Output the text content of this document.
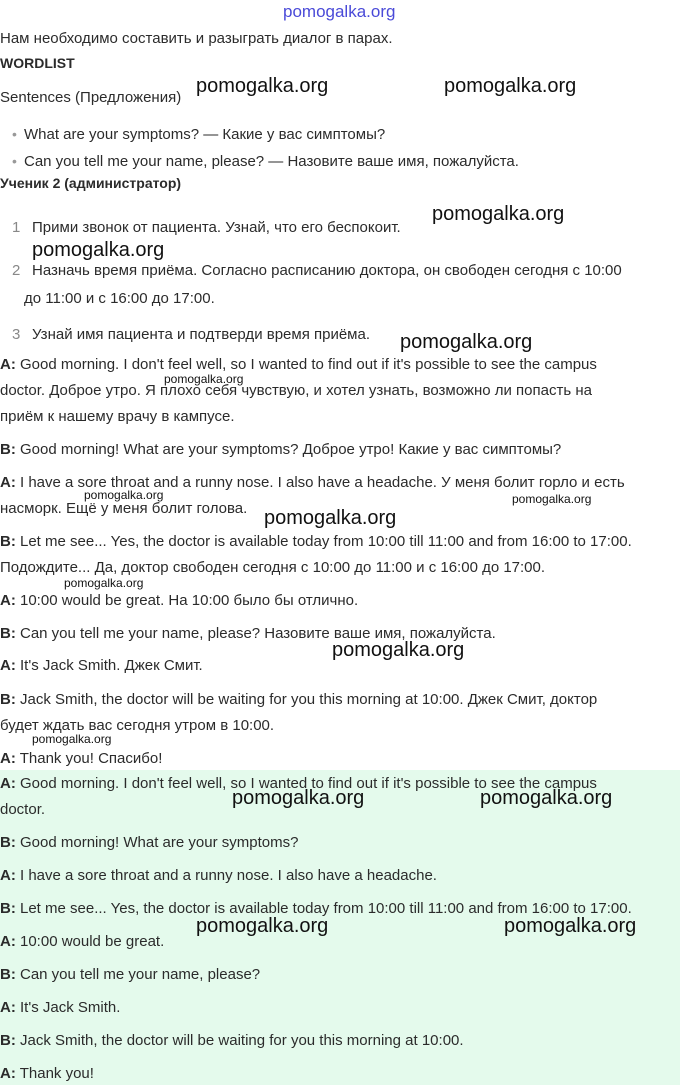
Нам необходимо составить и разыграть диалог в парах.
WORDLIST
Sentences (Предложения)
• What are your symptoms? — Какие у вас симптомы?
• Can you tell me your name, please? — Назовите ваше имя, пожалуйста.
Ученик 2 (администратор)
1 Прими звонок от пациента. Узнай, что его беспокоит.
2 Назначь время приёма. Согласно расписанию доктора, он свободен сегодня с 10:00
до 11:00 и с 16:00 до 17:00.
3 Узнай имя пациента и подтверди время приёма.
A: Good morning. I don't feel well, so I wanted to find out if it's possible to see the campus
doctor. Доброе утро. Я плохо себя чувствую, и хотел узнать, возможно ли попасть на
приём к нашему врачу в кампусе.
B: Good morning! What are your symptoms? Доброе утро! Какие у вас симптомы?
A: I have a sore throat and a runny nose. I also have a headache. У меня болит горло и есть
насморк. Ещё у меня болит голова.
B: Let me see... Yes, the doctor is available today from 10:00 till 11:00 and from 16:00 to 17:00.
Подождите... Да, доктор свободен сегодня с 10:00 до 11:00 и с 16:00 до 17:00.
A: 10:00 would be great. На 10:00 было бы отлично.
B: Can you tell me your name, please? Назовите ваше имя, пожалуйста.
A: It's Jack Smith. Джек Смит.
B: Jack Smith, the doctor will be waiting for you this morning at 10:00. Джек Смит, доктор
будет ждать вас сегодня утром в 10:00.
A: Thank you! Спасибо!
A: Good morning. I don't feel well, so I wanted to find out if it's possible to see the campus
doctor.
B: Good morning! What are your symptoms?
A: I have a sore throat and a runny nose. I also have a headache.
B: Let me see... Yes, the doctor is available today from 10:00 till 11:00 and from 16:00 to 17:00.
A: 10:00 would be great.
B: Can you tell me your name, please?
A: It's Jack Smith.
B: Jack Smith, the doctor will be waiting for you this morning at 10:00.
A: Thank you!
pomogalka.org
pomogalka.org	pomogalka.org
pomogalka.org
pomogalka.org
pomogalka.org
pomogalka.org
pomogalka.org	pomogalka.org
pomogalka.org
pomogalka.org
pomogalka.org
pomogalka.org
pomogalka.org	pomogalka.org
pomogalka.org	pomogalka.org
